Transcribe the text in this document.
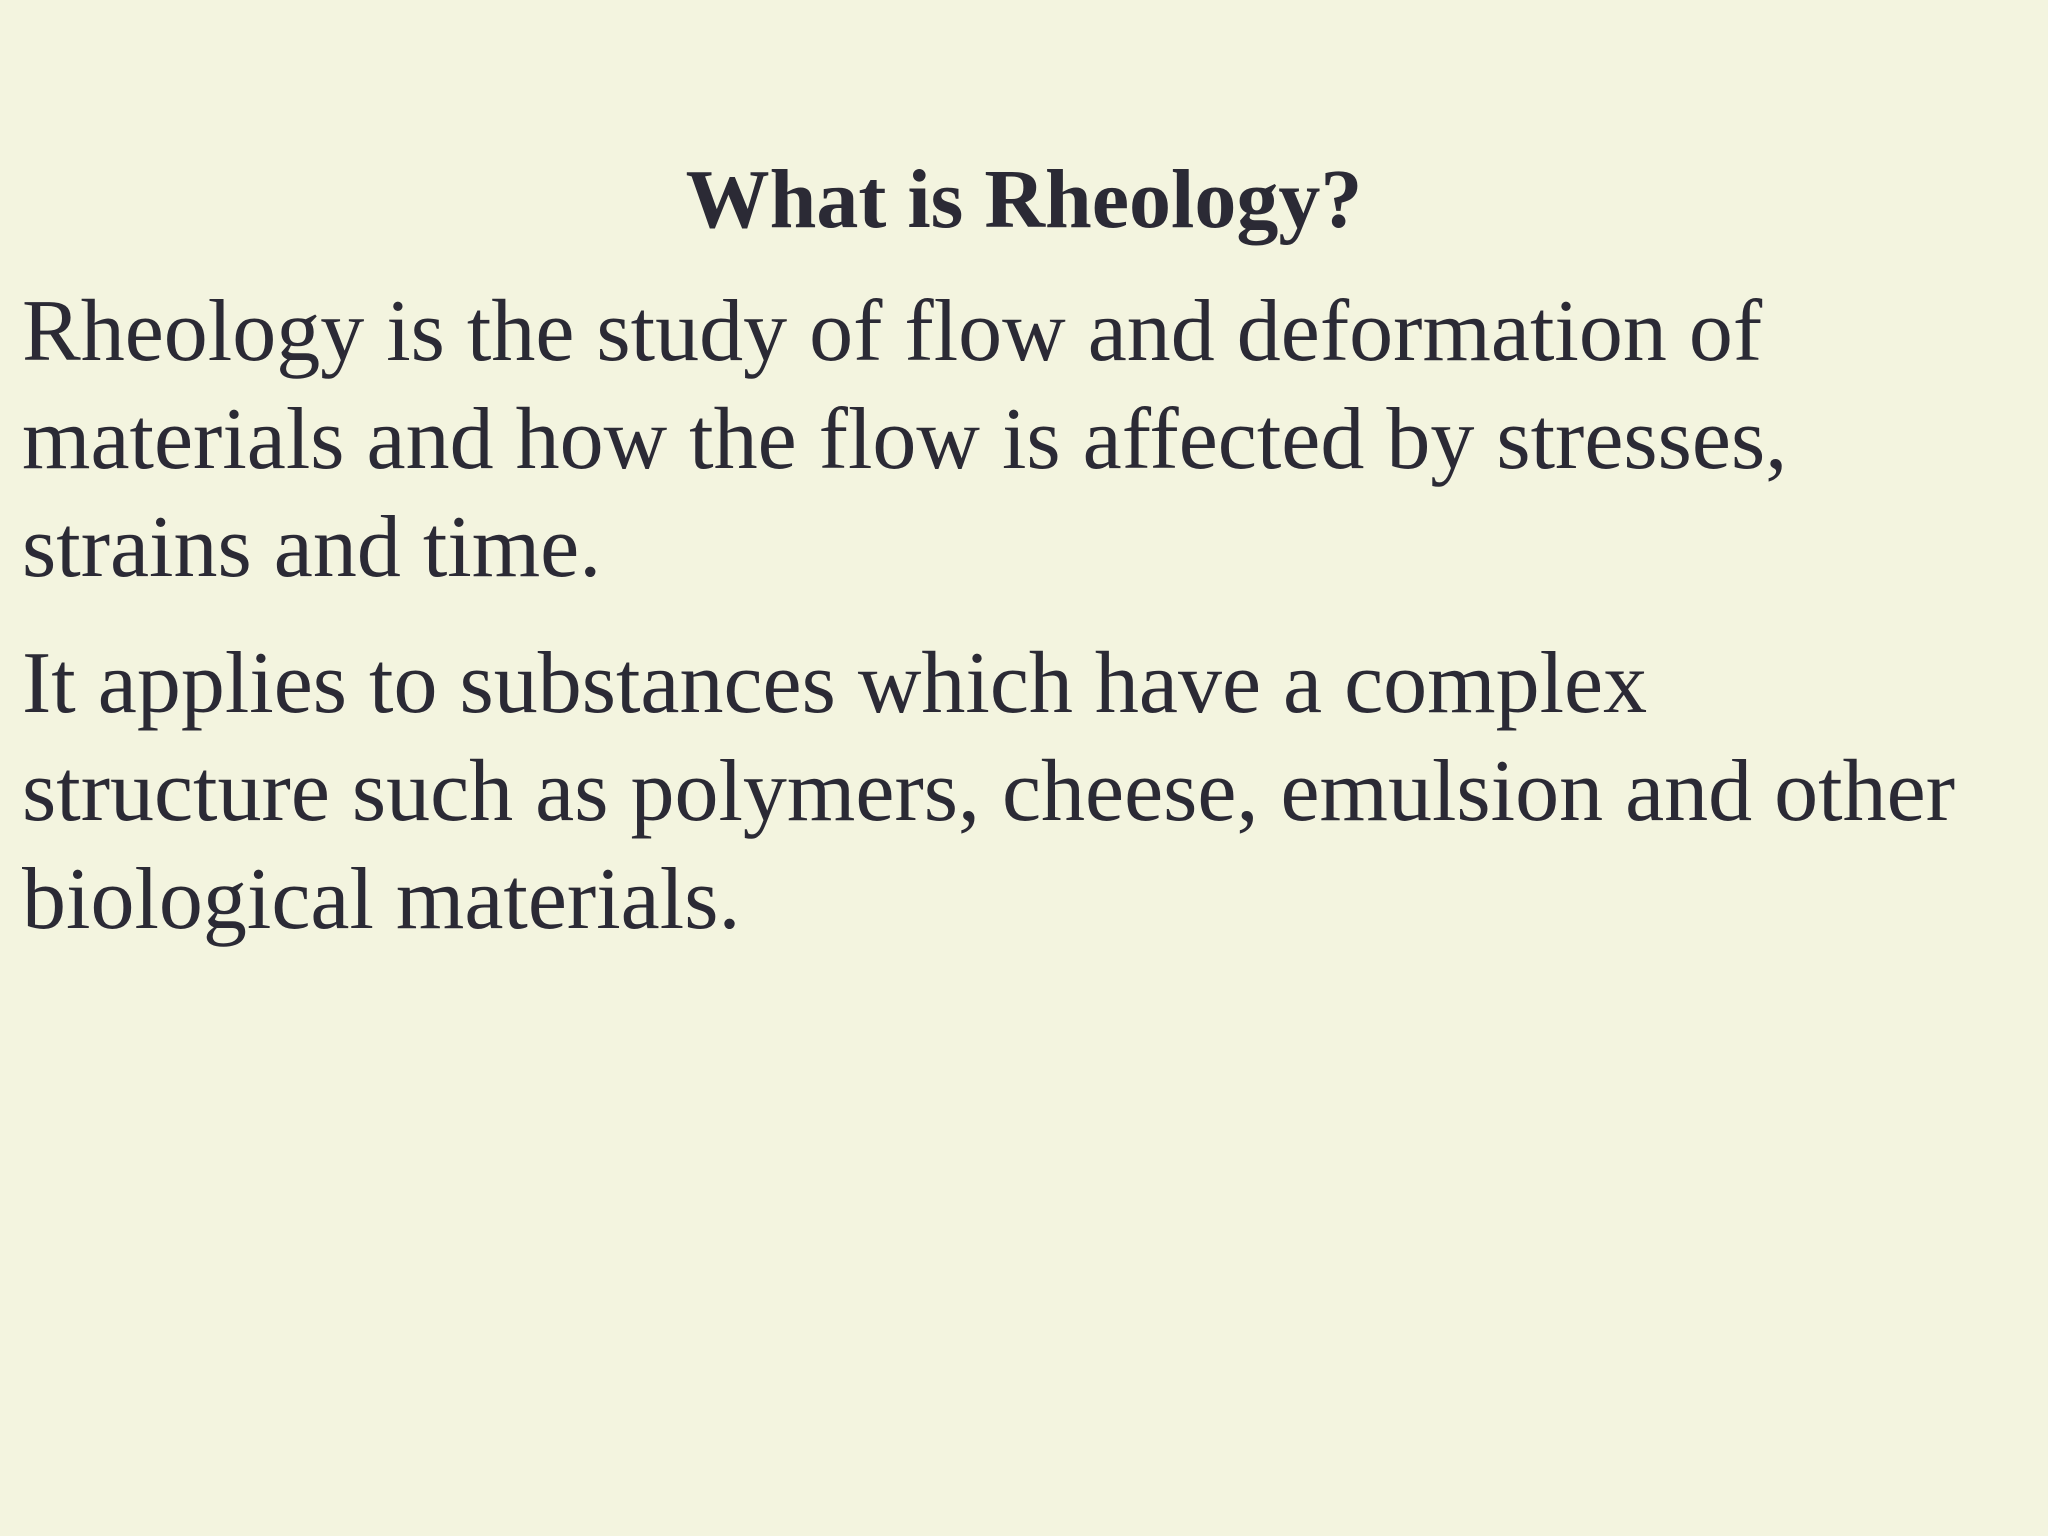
What is Rheology?

Rheology is the study of flow and deformation of
materials and how the flow is affected by stresses,
strains and time.

It applies to substances which have a complex
structure such as polymers, cheese, emulsion and other
biological materials.
